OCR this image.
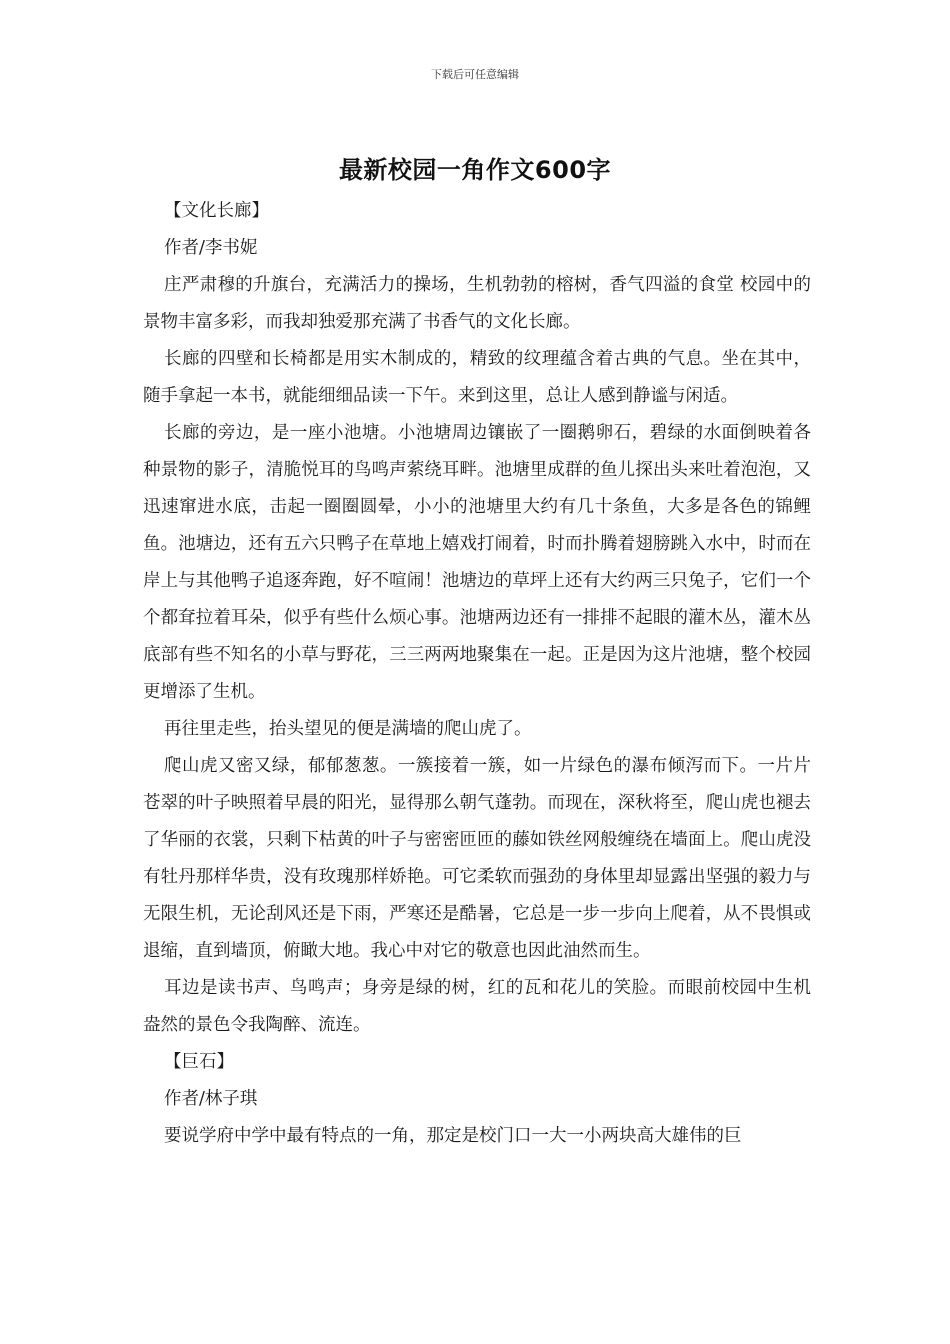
下载后可任意编辑
最新校园一角作文600字

【文化长廊】

作者/李书妮

庄严肃穆的升旗台，充满活力的操场，生机勃勃的榕树，香气四溢的食堂 校园中的景物丰富多彩，而我却独爱那充满了书香气的文化长廊。

长廊的四壁和长椅都是用实木制成的，精致的纹理蕴含着古典的气息。坐在其中，随手拿起一本书，就能细细品读一下午。来到这里，总让人感到静谧与闲适。

长廊的旁边，是一座小池塘。小池塘周边镶嵌了一圈鹅卵石，碧绿的水面倒映着各种景物的影子，清脆悦耳的鸟鸣声萦绕耳畔。池塘里成群的鱼儿探出头来吐着泡泡，又迅速窜进水底，击起一圈圈圆晕，小小的池塘里大约有几十条鱼，大多是各色的锦鲤鱼。池塘边，还有五六只鸭子在草地上嬉戏打闹着，时而扑腾着翅膀跳入水中，时而在岸上与其他鸭子追逐奔跑，好不喧闹！池塘边的草坪上还有大约两三只兔子，它们一个个都耷拉着耳朵，似乎有些什么烦心事。池塘两边还有一排排不起眼的灌木丛，灌木丛底部有些不知名的小草与野花，三三两两地聚集在一起。正是因为这片池塘，整个校园更增添了生机。

再往里走些，抬头望见的便是满墙的爬山虎了。

爬山虎又密又绿，郁郁葱葱。一簇接着一簇，如一片绿色的瀑布倾泻而下。一片片苍翠的叶子映照着早晨的阳光，显得那么朝气蓬勃。而现在，深秋将至，爬山虎也褪去了华丽的衣裳，只剩下枯黄的叶子与密密匝匝的藤如铁丝网般缠绕在墙面上。爬山虎没有牡丹那样华贵，没有玫瑰那样娇艳。可它柔软而强劲的身体里却显露出坚强的毅力与无限生机，无论刮风还是下雨，严寒还是酷暑，它总是一步一步向上爬着，从不畏惧或退缩，直到墙顶，俯瞰大地。我心中对它的敬意也因此油然而生。

耳边是读书声、鸟鸣声；身旁是绿的树，红的瓦和花儿的笑脸。而眼前校园中生机盎然的景色令我陶醉、流连。

【巨石】

作者/林子琪

要说学府中学中最有特点的一角，那定是校门口一大一小两块高大雄伟的巨
